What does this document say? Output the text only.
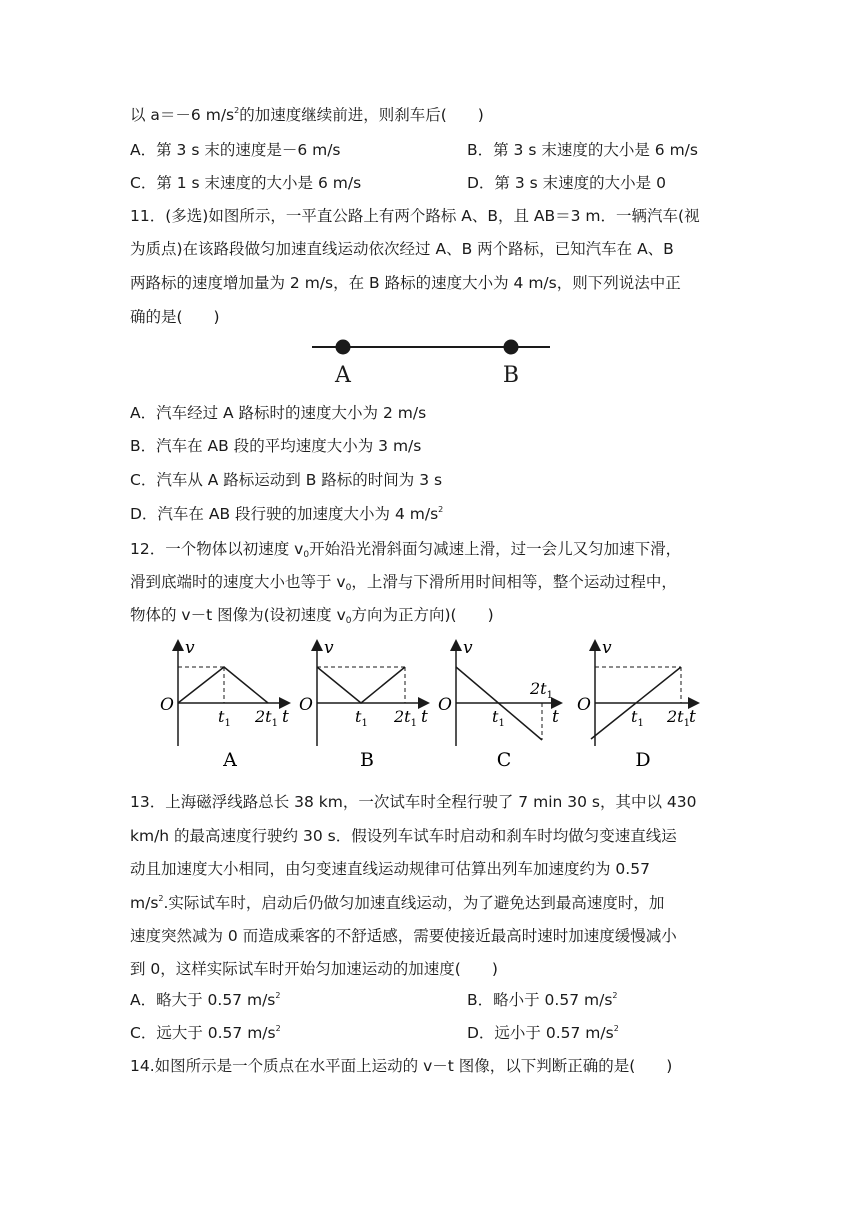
以 a＝－6 $m/s^2$的加速度继续前进，则刹车后(　　)
A．第 3 s 末的速度是－6 m/s	B．第 3 s 末速度的大小是 6 m/s
C．第 1 s 末速度的大小是 6 m/s	D．第 3 s 末速度的大小是 0
11．(多选)如图所示，一平直公路上有两个路标 A、B，且 AB＝3 m．一辆汽车(视
为质点)在该路段做匀加速直线运动依次经过 A、B 两个路标，已知汽车在 A、B
两路标的速度增加量为 2 m/s，在 B 路标的速度大小为 4 m/s，则下列说法中正
确的是(　　)
A	B
A．汽车经过 A 路标时的速度大小为 2 m/s
B．汽车在 AB 段的平均速度大小为 3 m/s
C．汽车从 A 路标运动到 B 路标的时间为 3 s
D．汽车在 AB 段行驶的加速度大小为 4 $m/s^2$
12．一个物体以初速度 $v_0$开始沿光滑斜面匀减速上滑，过一会儿又匀加速下滑，
滑到底端时的速度大小也等于 $v_0$，上滑与下滑所用时间相等，整个运动过程中，
物体的 v－t 图像为(设初速度 $v_0$方向为正方向)(　　)
v
O
$t_1$ $2t_1$ t
A
v
O
$t_1$ $2t_1$ t
B
v
O
$t_1$
$2t_1$
t
C
v
O
$t_1$ $2t_1$ t
D
13．上海磁浮线路总长 38 km，一次试车时全程行驶了 7 min 30 s，其中以 430
km/h 的最高速度行驶约 30 s．假设列车试车时启动和刹车时均做匀变速直线运
动且加速度大小相同，由匀变速直线运动规律可估算出列车加速度约为 0.57
$m/s^2$.实际试车时，启动后仍做匀加速直线运动，为了避免达到最高速度时，加
速度突然减为 0 而造成乘客的不舒适感，需要使接近最高时速时加速度缓慢减小
到 0，这样实际试车时开始匀加速运动的加速度(　　)
A．略大于 0.57 $m/s^2$	B．略小于 0.57 $m/s^2$
C．远大于 0.57 $m/s^2$	D．远小于 0.57 $m/s^2$
14.如图所示是一个质点在水平面上运动的 v－t 图像，以下判断正确的是(　　)
